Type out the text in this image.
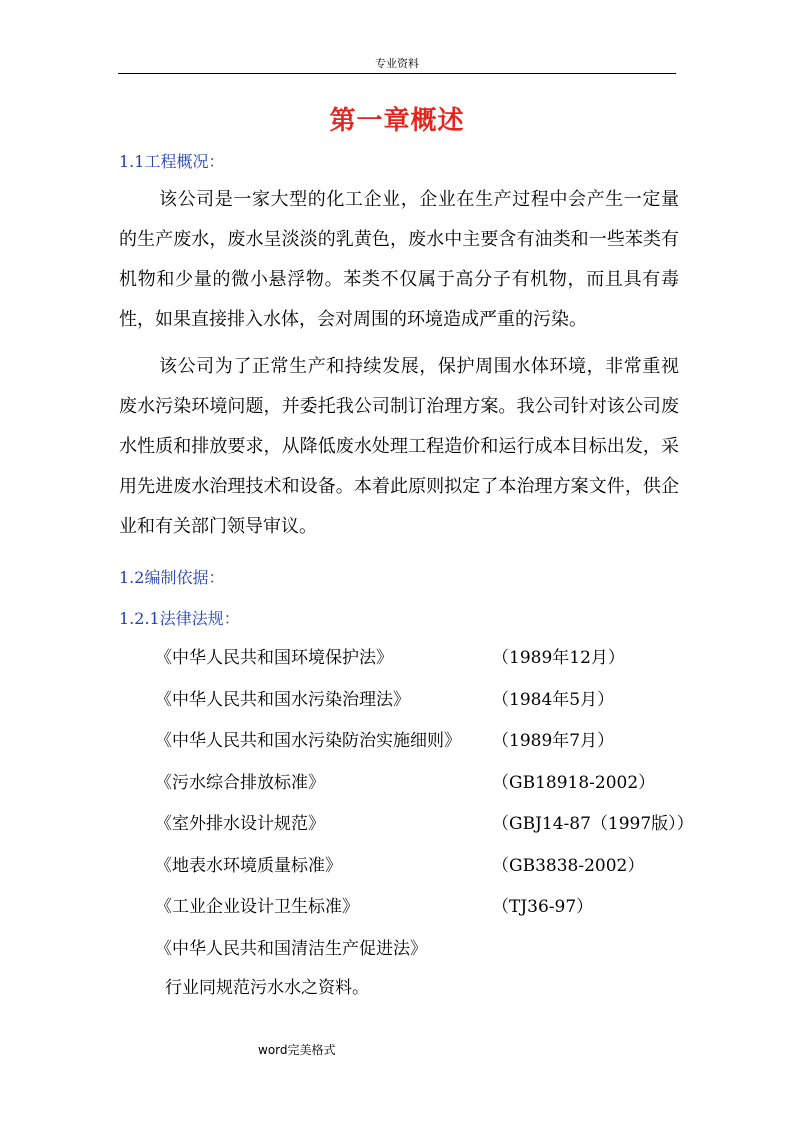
专业资料
第一章概述
1.1工程概况：
该公司是一家大型的化工企业，企业在生产过程中会产生一定量的生产废水，废水呈淡淡的乳黄色，废水中主要含有油类和一些苯类有机物和少量的微小悬浮物。苯类不仅属于高分子有机物，而且具有毒性，如果直接排入水体，会对周围的环境造成严重的污染。
该公司为了正常生产和持续发展，保护周围水体环境，非常重视废水污染环境问题，并委托我公司制订治理方案。我公司针对该公司废水性质和排放要求，从降低废水处理工程造价和运行成本目标出发，采用先进废水治理技术和设备。本着此原则拟定了本治理方案文件，供企业和有关部门领导审议。
1.2编制依据：
1.2.1法律法规：
《中华人民共和国环境保护法》	（1989年12月）
《中华人民共和国水污染治理法》	（1984年5月）
《中华人民共和国水污染防治实施细则》 （1989年7月）
《污水综合排放标准》	（GB18918-2002）
《室外排水设计规范》	（GBJ14-87（1997版））
《地表水环境质量标准》	（GB3838-2002）
《工业企业设计卫生标准》	（TJ36-97）
《中华人民共和国清洁生产促进法》
行业同规范污水水之资料。
word完美格式
